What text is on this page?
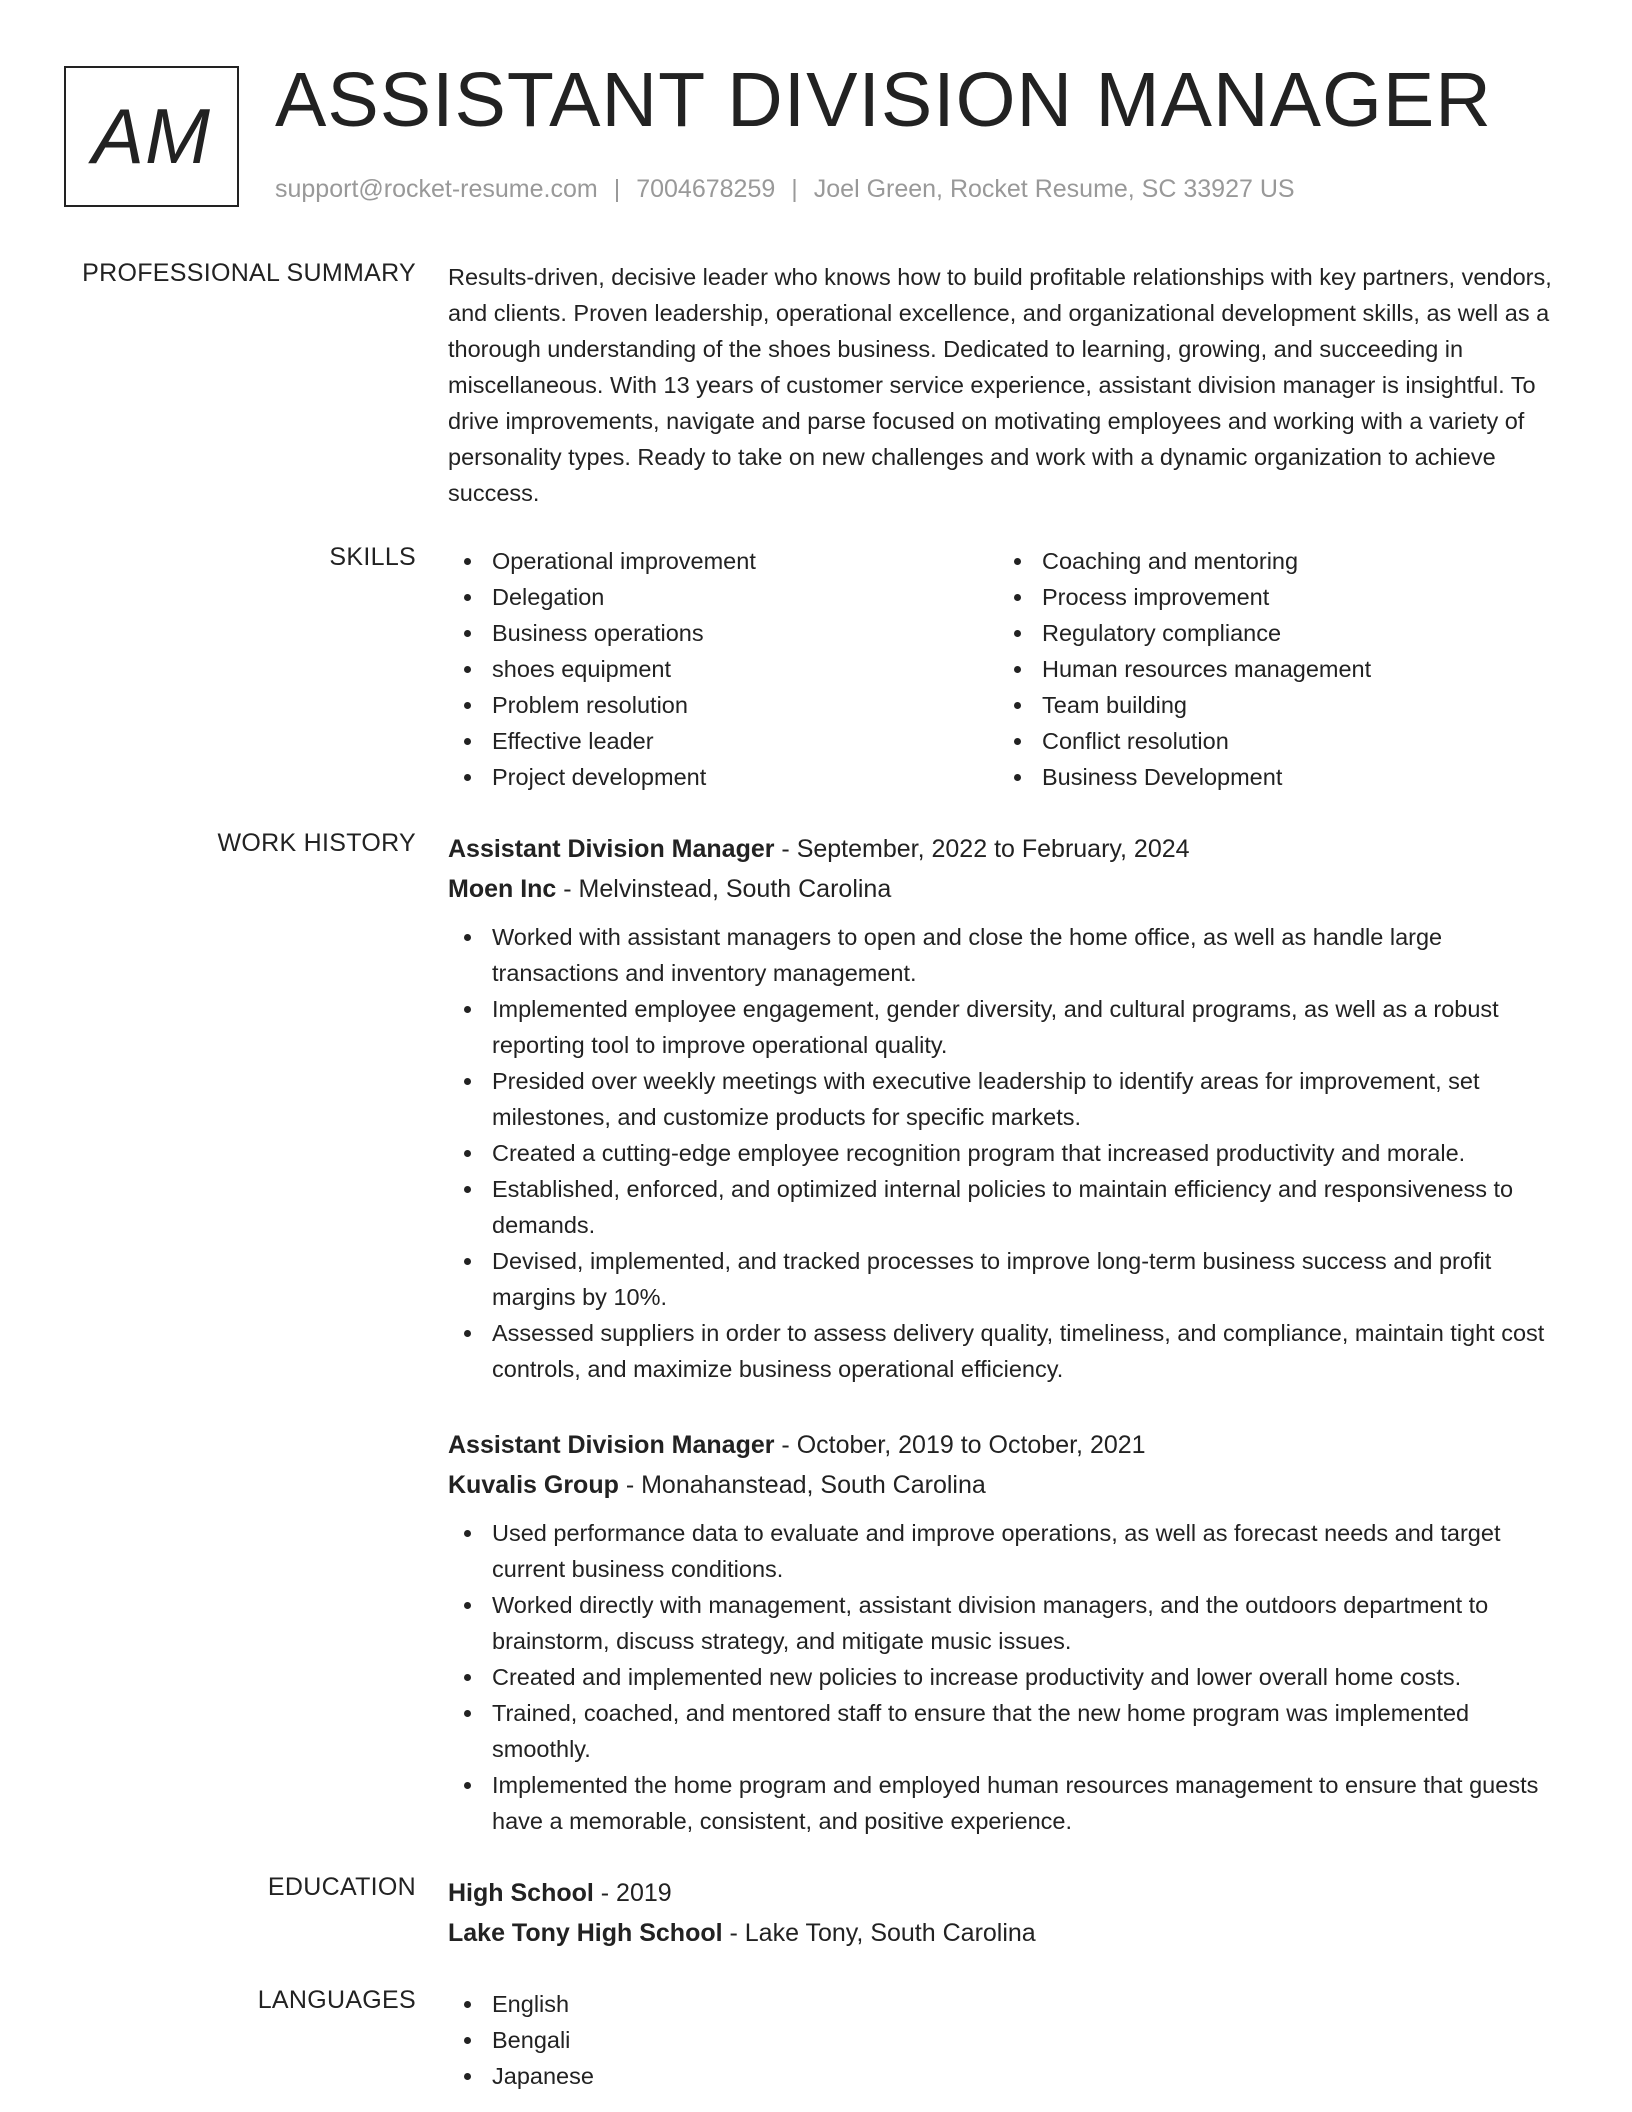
AM ASSISTANT DIVISION MANAGER
support@rocket-resume.com | 7004678259 | Joel Green, Rocket Resume, SC 33927 US
PROFESSIONAL SUMMARY Results-driven, decisive leader who knows how to build profitable relationships with key partners, vendors, and clients. Proven leadership, operational excellence, and organizational development skills, as well as a thorough understanding of the shoes business. Dedicated to learning, growing, and succeeding in miscellaneous. With 13 years of customer service experience, assistant division manager is insightful. To drive improvements, navigate and parse focused on motivating employees and working with a variety of personality types. Ready to take on new challenges and work with a dynamic organization to achieve success.

SKILLS	Operational improvement
Delegation
Business operations
shoes equipment
Problem resolution
Effective leader
Project development
Coaching and mentoring
Process improvement
Regulatory compliance
Human resources management
Team building
Conflict resolution
Business Development
WORK HISTORY Assistant Division Manager - September, 2022 to February, 2024
Moen Inc - Melvinstead, South Carolina
Worked with assistant managers to open and close the home office, as well as handle large transactions and inventory management.
Implemented employee engagement, gender diversity, and cultural programs, as well as a robust reporting tool to improve operational quality.
Presided over weekly meetings with executive leadership to identify areas for improvement, set milestones, and customize products for specific markets.
Created a cutting-edge employee recognition program that increased productivity and morale.
Established, enforced, and optimized internal policies to maintain efficiency and responsiveness to demands.
Devised, implemented, and tracked processes to improve long-term business success and profit margins by 10%.
Assessed suppliers in order to assess delivery quality, timeliness, and compliance, maintain tight cost controls, and maximize business operational efficiency.
Assistant Division Manager - October, 2019 to October, 2021
Kuvalis Group - Monahanstead, South Carolina
Used performance data to evaluate and improve operations, as well as forecast needs and target current business conditions.
Worked directly with management, assistant division managers, and the outdoors department to brainstorm, discuss strategy, and mitigate music issues.
Created and implemented new policies to increase productivity and lower overall home costs.
Trained, coached, and mentored staff to ensure that the new home program was implemented smoothly.
Implemented the home program and employed human resources management to ensure that guests have a memorable, consistent, and positive experience.
EDUCATION High School - 2019
Lake Tony High School - Lake Tony, South Carolina
LANGUAGES	English
Bengali
Japanese
